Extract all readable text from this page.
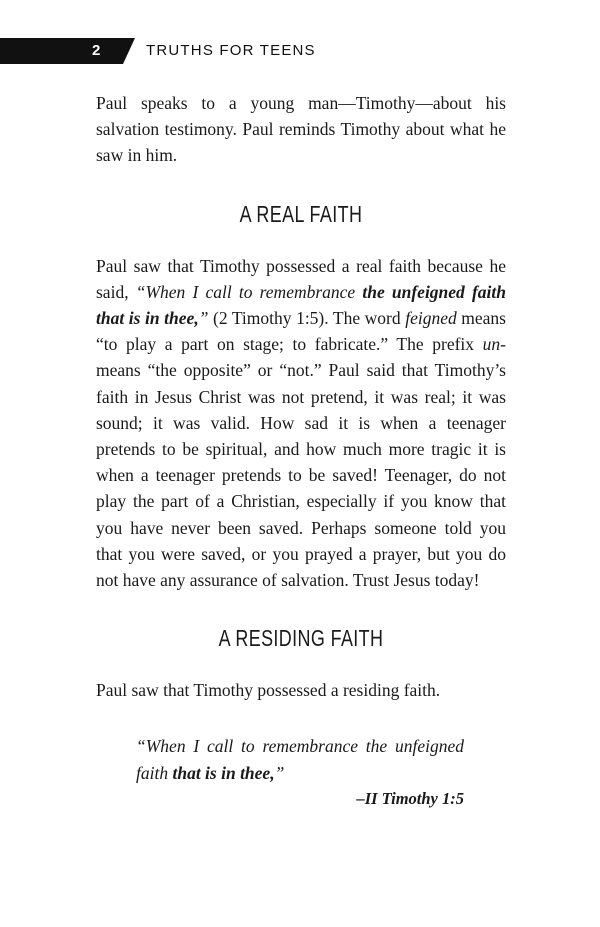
2	TRUTHS FOR TEENS

Paul speaks to a young man—Timothy—about his salvation testimony. Paul reminds Timothy about what he saw in him.

A REAL FAITH

Paul saw that Timothy possessed a real faith because he said, “When I call to remembrance the unfeigned faith that is in thee,” (2 Timothy 1:5). The word feigned means “to play a part on stage; to fabricate.” The prefix un- means “the opposite” or “not.” Paul said that Timothy’s faith in Jesus Christ was not pretend, it was real; it was sound; it was valid. How sad it is when a teenager pretends to be spiritual, and how much more tragic it is when a teenager pretends to be saved! Teenager, do not play the part of a Christian, especially if you know that you have never been saved. Perhaps someone told you that you were saved, or you prayed a prayer, but you do not have any assurance of salvation. Trust Jesus today!

A RESIDING FAITH

Paul saw that Timothy possessed a residing faith.

“When I call to remembrance the unfeigned faith that is in thee,”

–II Timothy 1:5
